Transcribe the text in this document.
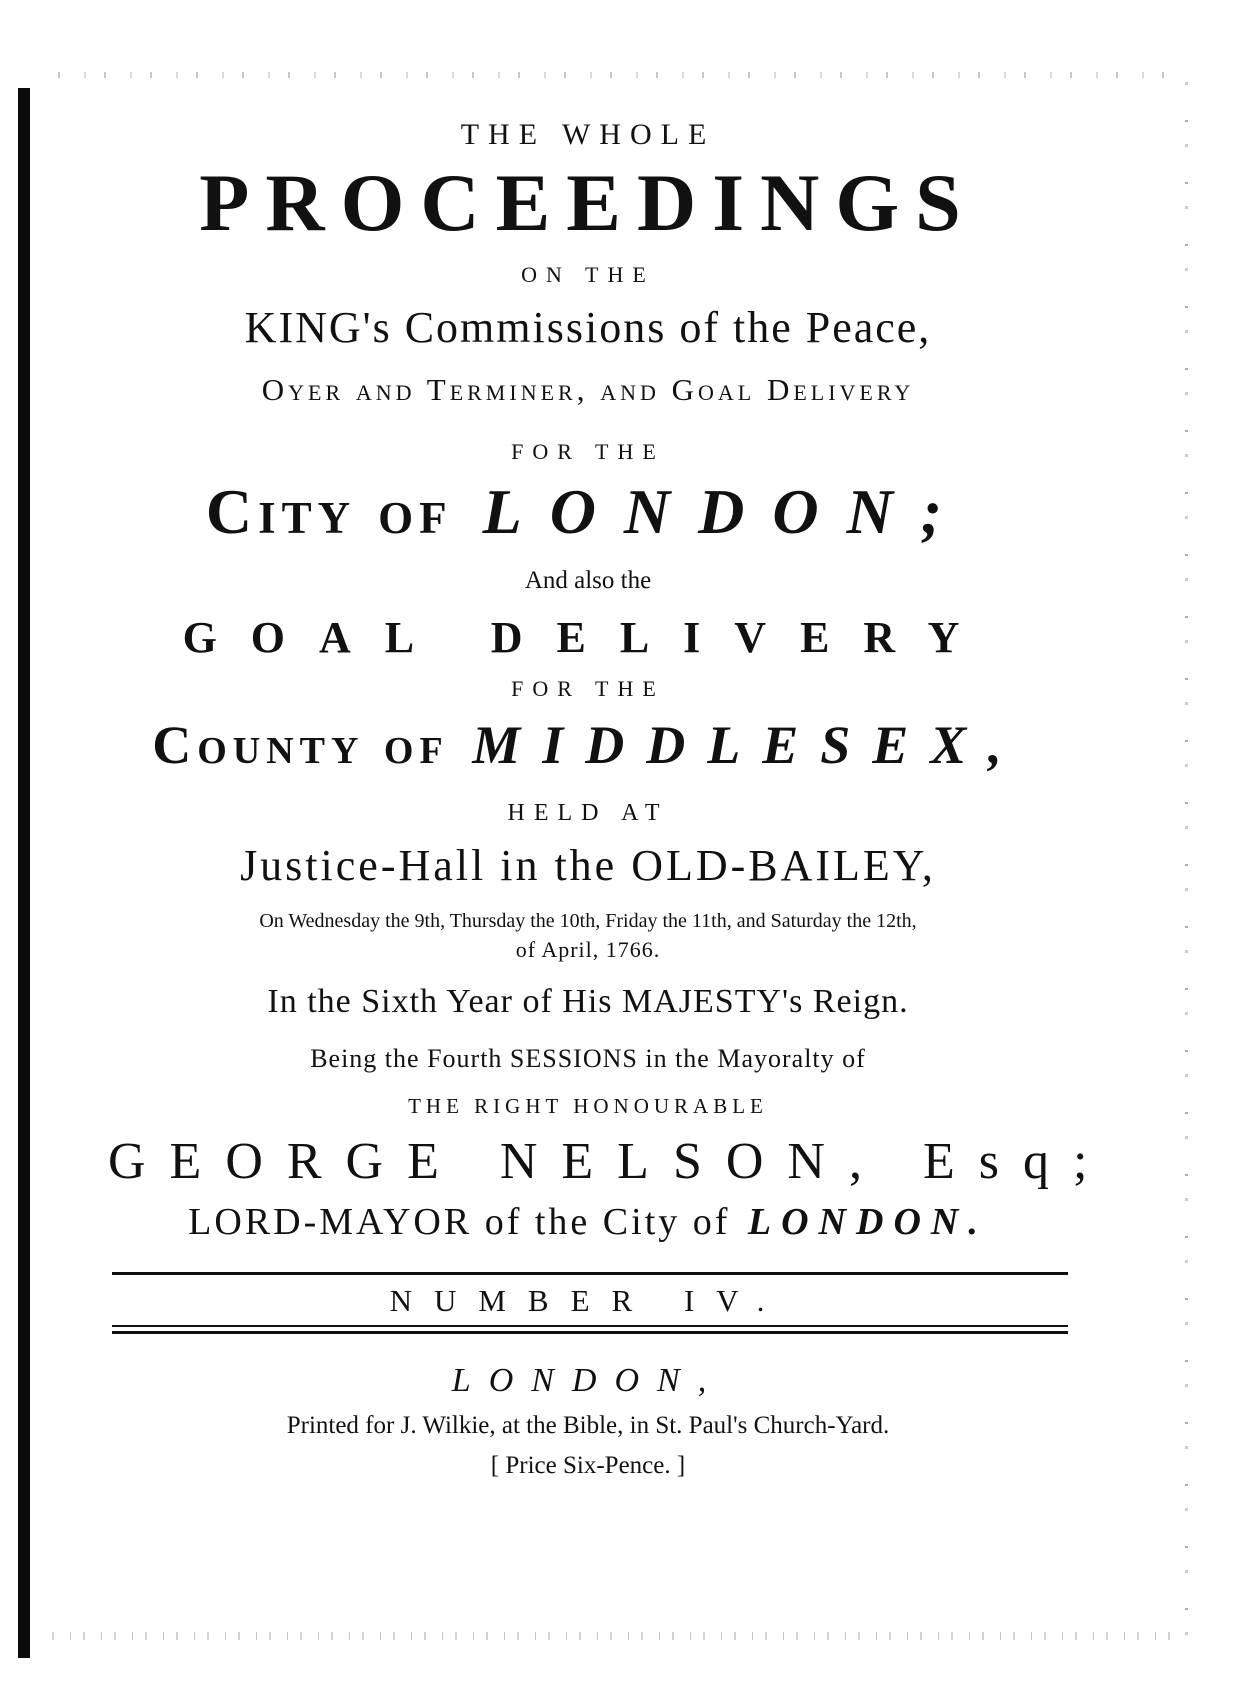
THE WHOLE
PROCEEDINGS
ON THE
KING's Commissions of the Peace,
Oyer and Terminer, and Goal Delivery
FOR THE
City of LONDON;
And also the
GOAL DELIVERY
FOR THE
County of MIDDLESEX,
HELD AT
Justice-Hall in the OLD-BAILEY,
On Wednesday the 9th, Thursday the 10th, Friday the 11th, and Saturday the 12th,
of April, 1766.
In the Sixth Year of His MAJESTY's Reign.
Being the Fourth SESSIONS in the Mayoralty of
THE RIGHT HONOURABLE
GEORGE NELSON, Esq;
LORD-MAYOR of the City of LONDON.
NUMBER IV.
LONDON,
Printed for J. Wilkie, at the Bible, in St. Paul's Church-Yard.
[ Price Six-Pence. ]
